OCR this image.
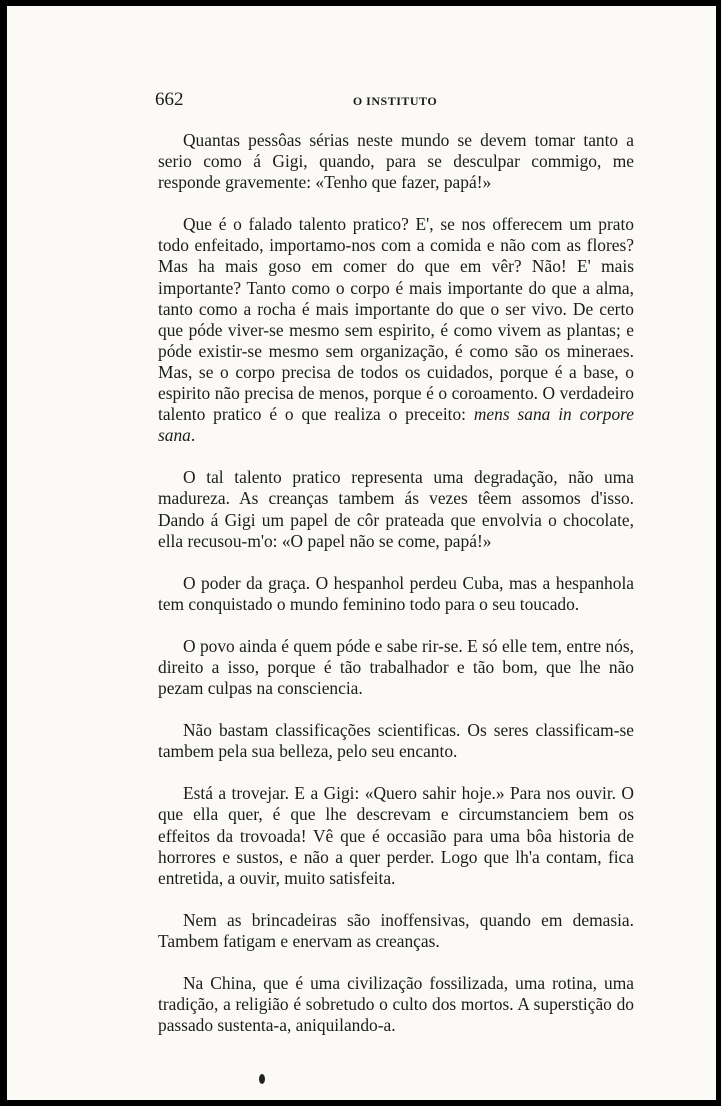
662	O INSTITUTO

Quantas pessôas sérias neste mundo se devem tomar tanto a serio como á Gigi, quando, para se desculpar commigo, me responde gravemente: «Tenho que fazer, papá!»

Que é o falado talento pratico? E', se nos offerecem um prato todo enfeitado, importamo-nos com a comida e não com as flores? Mas ha mais goso em comer do que em vêr? Não! E' mais importante? Tanto como o corpo é mais importante do que a alma, tanto como a rocha é mais importante do que o ser vivo. De certo que póde viver-se mesmo sem espirito, é como vivem as plantas; e póde existir-se mesmo sem organização, é como são os mineraes. Mas, se o corpo precisa de todos os cuidados, porque é a base, o espirito não precisa de menos, porque é o coroamento. O verdadeiro talento pratico é o que realiza o preceito: mens sana in corpore sana.

O tal talento pratico representa uma degradação, não uma madureza. As creanças tambem ás vezes têem assomos d'isso. Dando á Gigi um papel de côr prateada que envolvia o chocolate, ella recusou-m'o: «O papel não se come, papá!»

O poder da graça. O hespanhol perdeu Cuba, mas a hespanhola tem conquistado o mundo feminino todo para o seu toucado.

O povo ainda é quem póde e sabe rir-se. E só elle tem, entre nós, direito a isso, porque é tão trabalhador e tão bom, que lhe não pezam culpas na consciencia.

Não bastam classificações scientificas. Os seres classificam-se tambem pela sua belleza, pelo seu encanto.

Está a trovejar. E a Gigi: «Quero sahir hoje.» Para nos ouvir. O que ella quer, é que lhe descrevam e circumstanciem bem os effeitos da trovoada! Vê que é occasião para uma bôa historia de horrores e sustos, e não a quer perder. Logo que lh'a contam, fica entretida, a ouvir, muito satisfeita.

Nem as brincadeiras são inoffensivas, quando em demasia. Tambem fatigam e enervam as creanças.

Na China, que é uma civilização fossilizada, uma rotina, uma tradição, a religião é sobretudo o culto dos mortos. A superstição do passado sustenta-a, aniquilando-a.
